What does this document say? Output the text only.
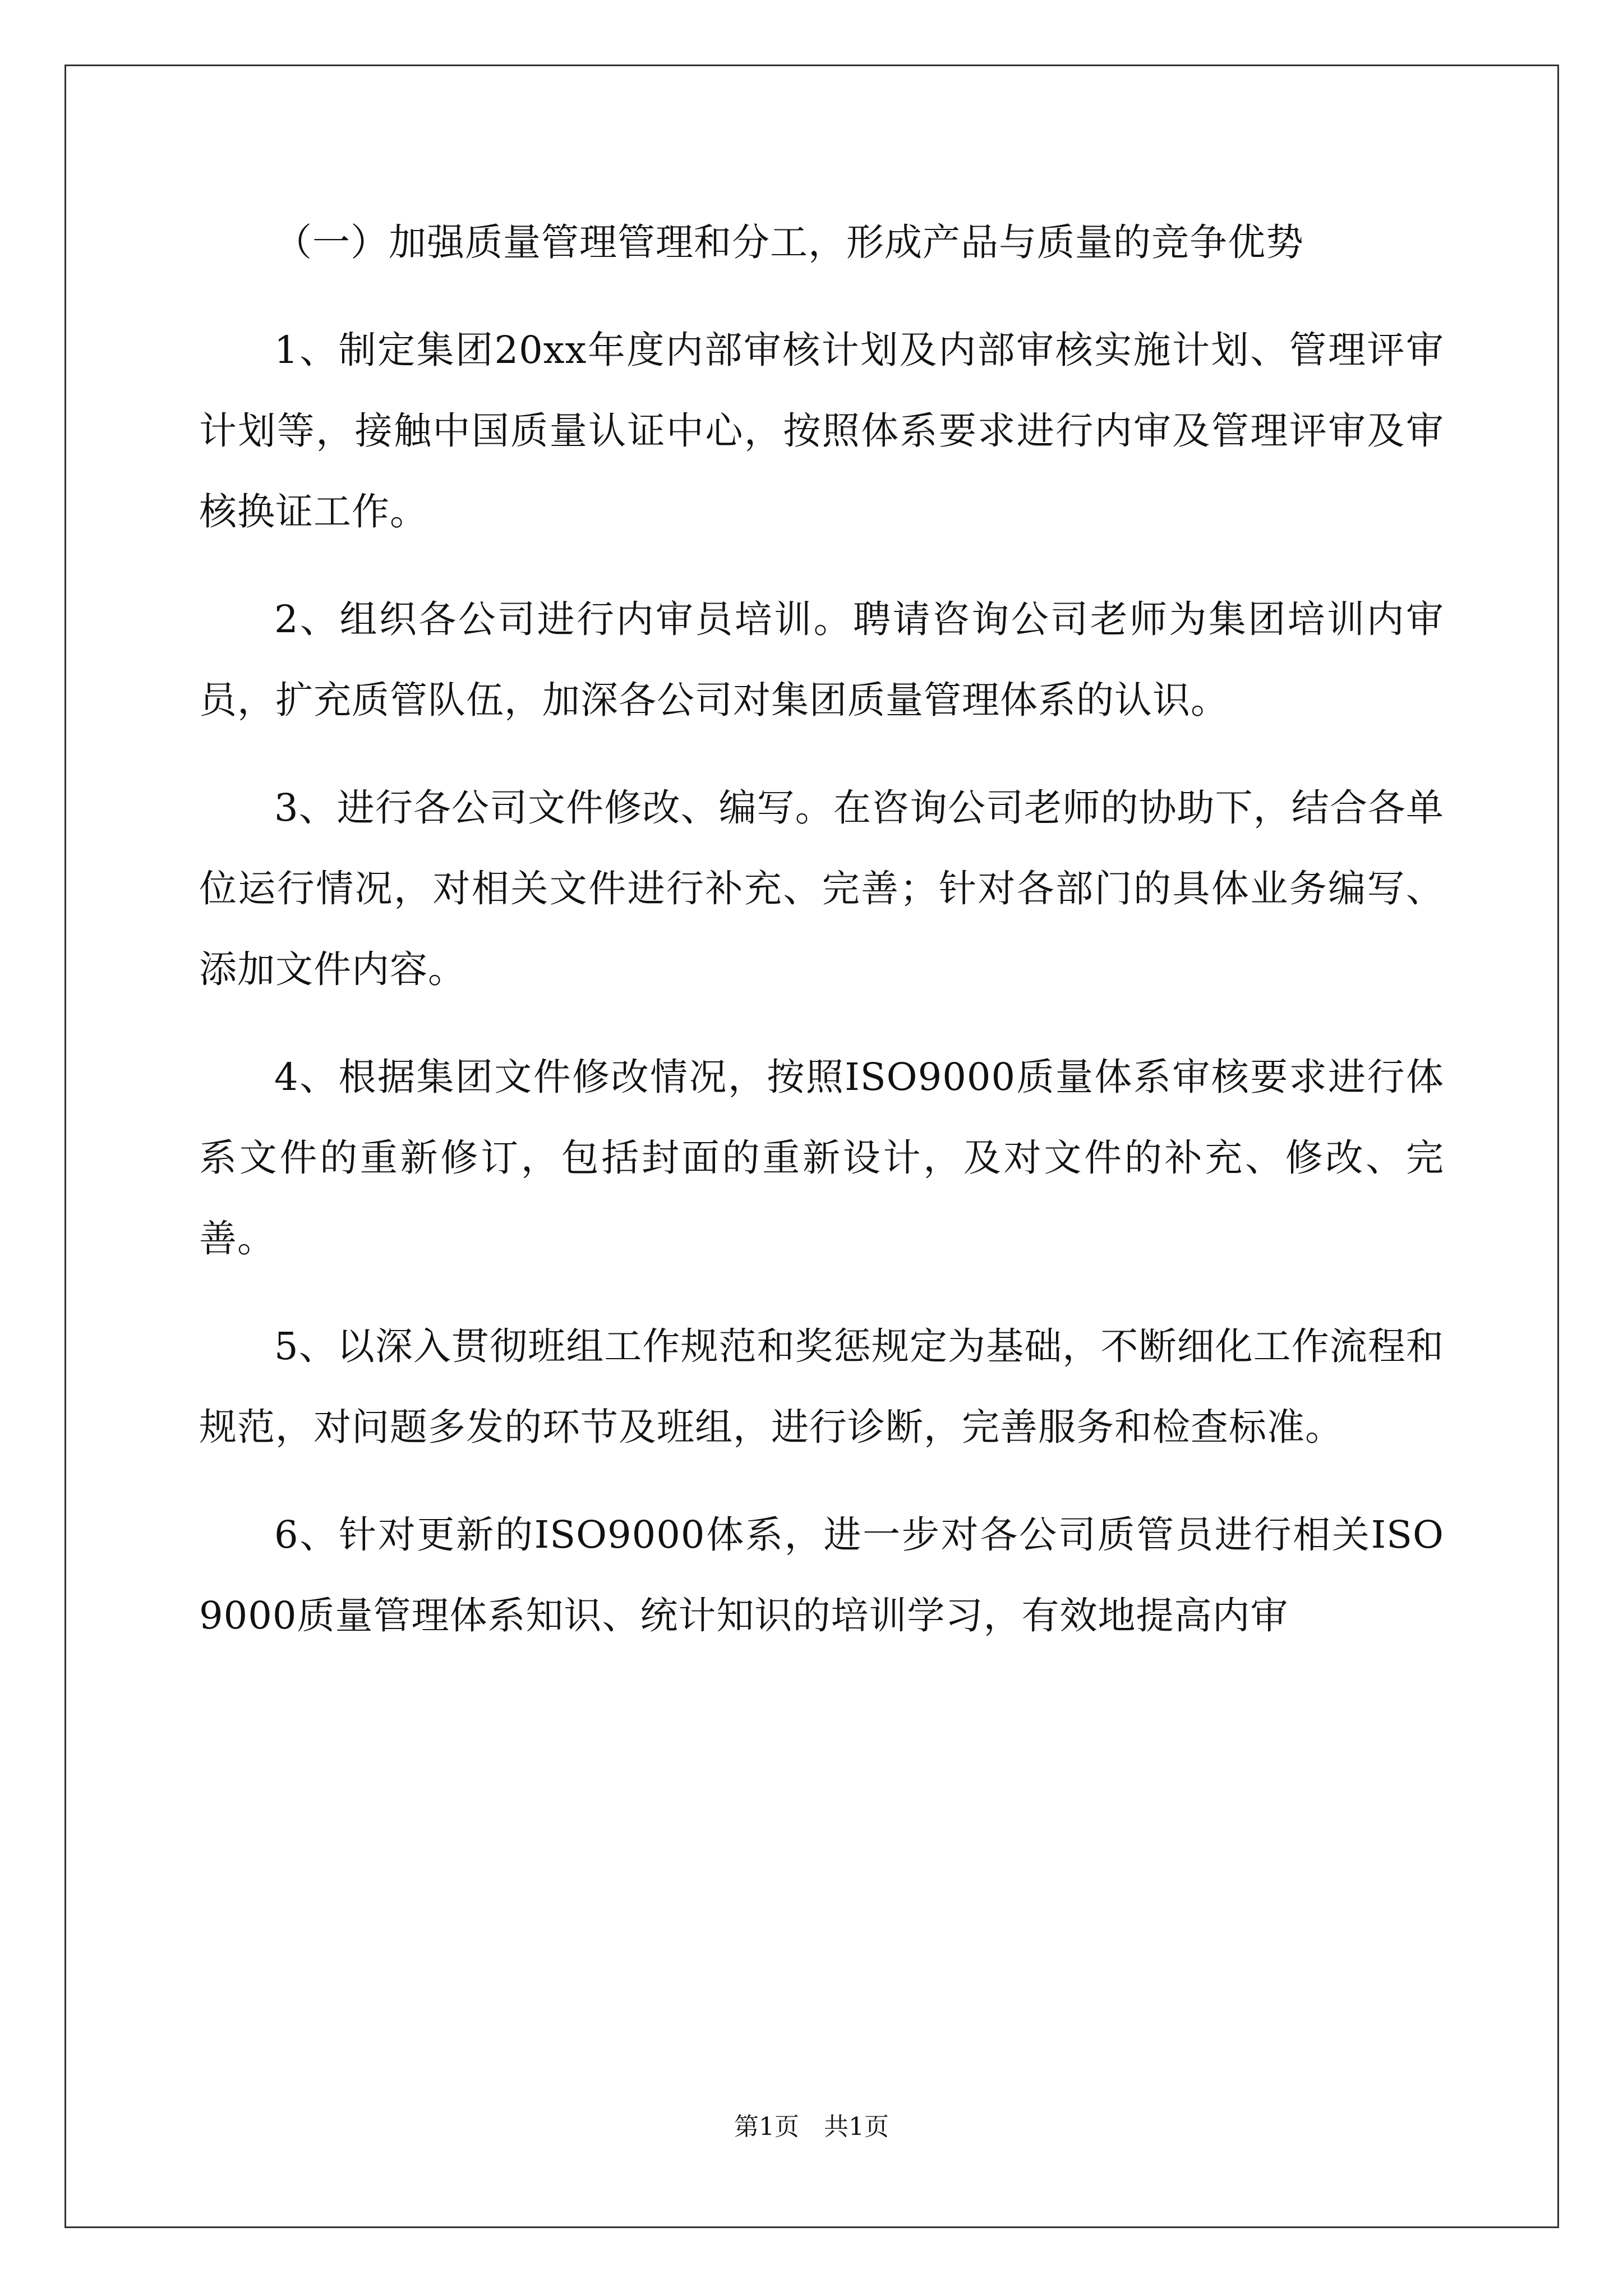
（一）加强质量管理管理和分工，形成产品与质量的竞争优势

1、制定集团20xx年度内部审核计划及内部审核实施计划、管理评审计划等，接触中国质量认证中心，按照体系要求进行内审及管理评审及审核换证工作。

2、组织各公司进行内审员培训。聘请咨询公司老师为集团培训内审员，扩充质管队伍，加深各公司对集团质量管理体系的认识。

3、进行各公司文件修改、编写。在咨询公司老师的协助下，结合各单位运行情况，对相关文件进行补充、完善；针对各部门的具体业务编写、添加文件内容。

4、根据集团文件修改情况，按照ISO9000质量体系审核要求进行体系文件的重新修订，包括封面的重新设计，及对文件的补充、修改、完善。

5、以深入贯彻班组工作规范和奖惩规定为基础，不断细化工作流程和规范，对问题多发的环节及班组，进行诊断，完善服务和检查标准。

6、针对更新的ISO9000体系，进一步对各公司质管员进行相关ISO9000质量管理体系知识、统计知识的培训学习，有效地提高内审

第1页 共1页
